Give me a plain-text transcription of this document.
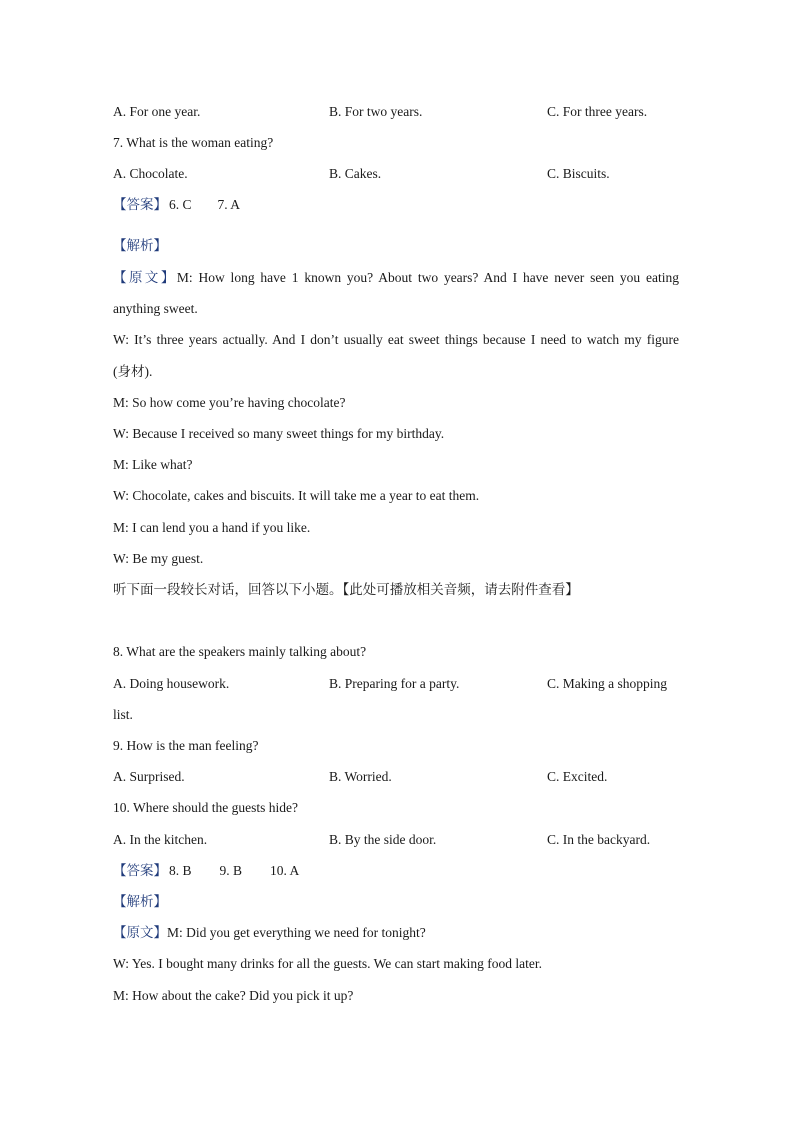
A. For one year.	B. For two years.	C. For three years.
7. What is the woman eating?
A. Chocolate.	B. Cakes.	C. Biscuits.
【答案】 6. C 7. A
【解析】
【原文】M: How long have 1 known you? About two years? And I have never seen you eating
anything sweet.
W: It’s three years actually. And I don’t usually eat sweet things because I need to watch my figure
(身材).
M: So how come you’re having chocolate?
W: Because I received so many sweet things for my birthday.
M: Like what?
W: Chocolate, cakes and biscuits. It will take me a year to eat them.
M: I can lend you a hand if you like.
W: Be my guest.
听下面一段较长对话，回答以下小题。【此处可播放相关音频，请去附件查看】
8. What are the speakers mainly talking about?
A. Doing housework.	B. Preparing for a party.	C. Making a shopping
list.
9. How is the man feeling?
A. Surprised.	B. Worried.	C. Excited.
10. Where should the guests hide?
A. In the kitchen.	B. By the side door.	C. In the backyard.
【答案】 8. B 9. B 10. A
【解析】
【原文】M: Did you get everything we need for tonight?
W: Yes. I bought many drinks for all the guests. We can start making food later.
M: How about the cake? Did you pick it up?
